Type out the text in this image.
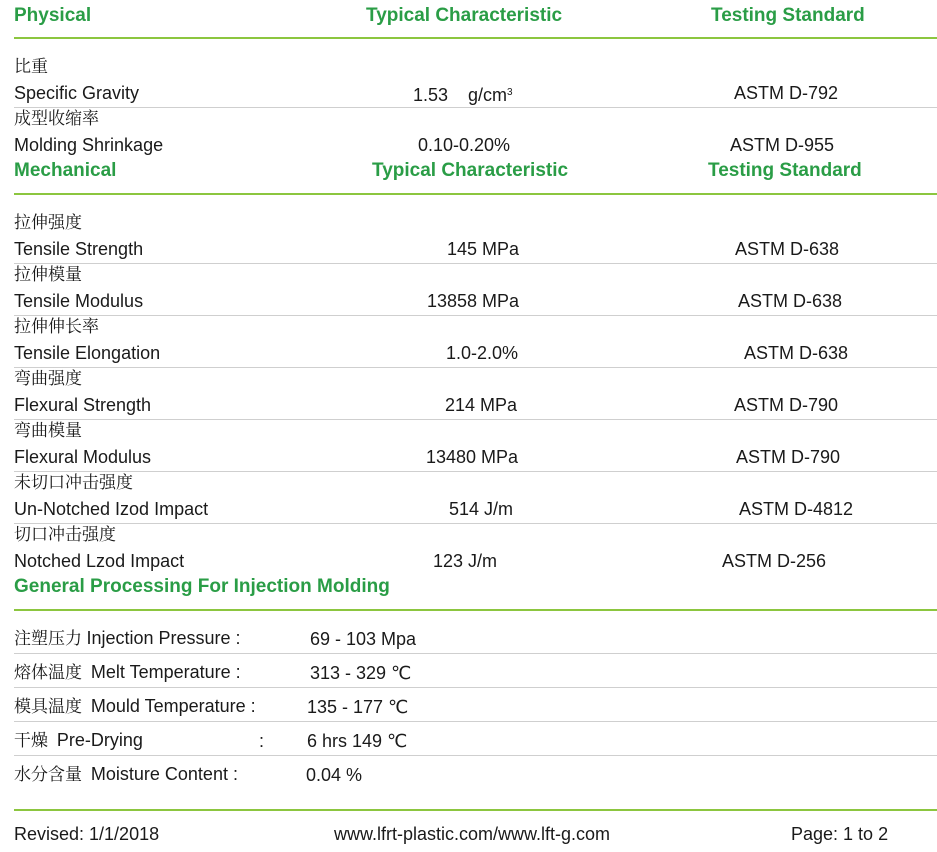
Physical	Typical Characteristic	Testing Standard
比重
Specific Gravity	1.53    $g/cm^3$	ASTM D-792
成型收缩率
Molding Shrinkage	0.10-0.20%	ASTM D-955
Mechanical	Typical Characteristic	Testing Standard
拉伸强度
Tensile Strength	145 MPa	ASTM D-638
拉伸模量
Tensile Modulus	13858 MPa	ASTM D-638
拉伸伸长率
Tensile Elongation	1.0-2.0%	ASTM D-638
弯曲强度
Flexural Strength	214 MPa	ASTM D-790
弯曲模量
Flexural Modulus	13480 MPa	ASTM D-790
未切口冲击强度
Un-Notched Izod Impact	514 J/m	ASTM D-4812
切口冲击强度
Notched Lzod Impact	123 J/m	ASTM D-256
General Processing For Injection Molding
注塑压力 Injection Pressure :	69 - 103 Mpa
熔体温度 Melt Temperature :	313 - 329 ℃
模具温度 Mould Temperature :	135 - 177 ℃
干燥 Pre-Drying	: 6 hrs 149 ℃
水分含量 Moisture Content :	0.04 %
Revised: 1/1/2018	www.lfrt-plastic.com/www.lft-g.com	Page: 1 to 2
